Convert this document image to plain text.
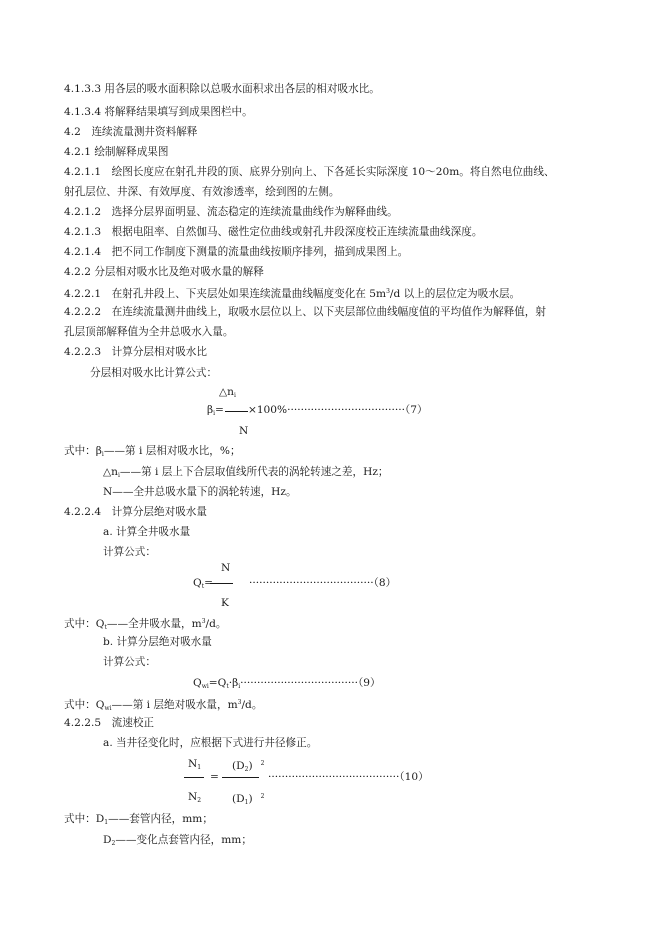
4.1.3.3 用各层的吸水面积除以总吸水面积求出各层的相对吸水比。
4.1.3.4 将解释结果填写到成果图栏中。
4.2　连续流量测井资料解释
4.2.1 绘制解释成果图
4.2.1.1　绘图长度应在射孔井段的顶、底界分别向上、下各延长实际深度 10～20m。将自然电位曲线、
射孔层位、井深、有效厚度、有效渗透率，绘到图的左侧。
4.2.1.2　选择分层界面明显、流态稳定的连续流量曲线作为解释曲线。
4.2.1.3　根据电阻率、自然伽马、磁性定位曲线或射孔井段深度校正连续流量曲线深度。
4.2.1.4　把不同工作制度下测量的流量曲线按顺序排列，描到成果图上。
4.2.2 分层相对吸水比及绝对吸水量的解释
4.2.2.1　在射孔井段上、下夹层处如果连续流量曲线幅度变化在 $5m^3/d$ 以上的层位定为吸水层。
4.2.2.2　在连续流量测井曲线上，取吸水层位以上、以下夹层部位曲线幅度值的平均值作为解释值，射
孔层顶部解释值为全井总吸水入量。
4.2.2.3　计算分层相对吸水比
分层相对吸水比计算公式：
$\triangle n_i$
$\beta_i= \times 100\%\cdot\cdot\cdot\cdot\cdot\cdot\cdot\cdot\cdot\cdot\cdot\cdot\cdot\cdot\cdot\cdot\cdot\cdot\cdot\cdot\cdot\cdot\cdot\cdot\cdot\cdot\cdot\cdot\cdot\cdot\cdot\cdot\cdot\cdot\cdot(7)$
N
式中：$\beta_i——$第 i 层相对吸水比，%；
$\triangle n_i——$第 i 层上下合层取值线所代表的涡轮转速之差，Hz；
N——全井总吸水量下的涡轮转速，Hz。
4.2.2.4　计算分层绝对吸水量
a. 计算全井吸水量
计算公式：
N
$Q_t=$	·····································（8）
K
式中：$Q_t——$全井吸水量，$m^3/d$。
b. 计算分层绝对吸水量
计算公式：
$Q_{wi}=Q_t\cdot\beta_i\cdot\cdot\cdot\cdot\cdot\cdot\cdot\cdot\cdot\cdot\cdot\cdot\cdot\cdot\cdot\cdot\cdot\cdot\cdot\cdot\cdot\cdot\cdot\cdot\cdot\cdot\cdot\cdot\cdot\cdot\cdot\cdot\cdot\cdot\cdot(9)$
式中：$Q_{wi}——$第 i 层绝对吸水量，$m^3/d$。
4.2.2.5　流速校正
a. 当井径变化时，应根据下式进行井径修正。
$N_1$	$(D_2)$ $^2$
=	·······································（10）
$N_2$	$(D_1)$ $^2$
式中：$D_1——$套管内径，mm；
$D_2——$变化点套管内径，mm；
